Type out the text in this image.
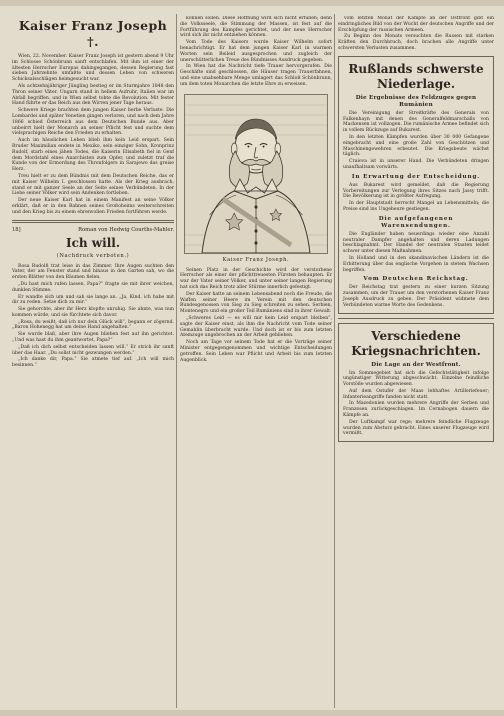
Kaiser Franz Joseph †.

Wien, 22. November. Kaiser Franz Joseph ist gestern abend 9 Uhr im Schlosse Schönbrunn sanft entschlafen. Mit ihm ist einer der ältesten Herrscher Europas dahingegangen, dessen Regierung fast sieben Jahrzehnte umfaßte und dessen Leben von schweren Schicksalsschlägen heimgesucht war.

Als achtzehnjähriger Jüngling bestieg er im Sturmjahre 1848 den Thron seiner Väter. Ungarn stand in hellem Aufruhr, Italien war im Abfall begriffen, und in Wien selbst tobte die Revolution. Mit fester Hand führte er das Reich aus den Wirren jener Tage heraus.

Schwere Kriege brachten dem jungen Kaiser herbe Verluste. Die Lombardei und später Venetien gingen verloren, und nach dem Jahre 1866 schied Österreich aus dem Deutschen Bunde aus. Aber unbeirrt hielt der Monarch an seiner Pflicht fest und suchte dem vielsprachigen Reiche den Frieden zu erhalten.

Auch im häuslichen Leben blieb ihm kein Leid erspart. Sein Bruder Maximilian endete in Mexiko, sein einziger Sohn, Kronprinz Rudolf, starb eines jähen Todes, die Kaiserin Elisabeth fiel in Genf dem Mordstahl eines Anarchisten zum Opfer, und zuletzt traf die Kunde von der Ermordung des Thronfolgers in Sarajewo das greise Herz.

Treu hielt er zu dem Bündnis mit dem Deutschen Reiche, das er mit Kaiser Wilhelm I. geschlossen hatte. Als der Krieg ausbrach, stand er mit ganzer Seele an der Seite seines Verbündeten. In der Liebe seiner Völker wird sein Andenken fortleben.

Der neue Kaiser Karl hat in einem Manifest an seine Völker erklärt, daß er in den Bahnen seines Großoheims weiterschreiten und den Krieg bis zu einem ehrenvollen Frieden fortführen werde.

18]	Roman von Hedwig Courths-Mahler.
Ich will.
(Nachdruck verboten.)

Rosa Rudolfi trat leise in das Zimmer. Ihre Augen suchten den Vater, der am Fenster stand und hinaus in den Garten sah, wo die ersten Blätter von den Bäumen fielen.

„Du hast mich rufen lassen, Papa?“ fragte sie mit ihrer weichen, dunklen Stimme.

Er wandte sich um und sah sie lange an. „Ja, Kind, ich habe mit dir zu reden. Setze dich zu mir.“

Sie gehorchte, aber ihr Herz klopfte unruhig. Sie ahnte, was nun kommen würde, und sie fürchtete sich davor.

„Rosa, du weißt, daß ich nur dein Glück will“, begann er zögernd. „Baron Hohenegg hat um deine Hand angehalten.“

Sie wurde blaß, aber ihre Augen blieben fest auf ihn gerichtet. „Und was hast du ihm geantwortet, Papa?“

„Daß ich dich selbst entscheiden lassen will.“ Er strich ihr sanft über das Haar. „Du sollst nicht gezwungen werden.“

„Ich danke dir, Papa.“ Sie atmete tief auf. „Ich will mich besinnen.“

können sollen. Diese Hoffnung wird sich nicht erfüllen; denn die Volksseele, die Stimmung der Massen, ist fest auf die Fortführung des Kampfes gerichtet, und der neue Herrscher wird sich ihr nicht entziehen können.

Vom Tode des Kaisers wurde Kaiser Wilhelm sofort benachrichtigt. Er hat dem jungen Kaiser Karl in warmen Worten sein Beileid ausgesprochen und zugleich der unerschütterlichen Treue des Bündnisses Ausdruck gegeben.

In Wien hat die Nachricht tiefe Trauer hervorgerufen. Die Geschäfte sind geschlossen, die Häuser tragen Trauerfahnen, und eine unabsehbare Menge umlagert das Schloß Schönbrunn, um dem toten Monarchen die letzte Ehre zu erweisen.

Kaiser Franz Joseph.

Seinen Platz in der Geschichte wird der verstorbene Herrscher als einer der pflichttreuesten Fürsten behaupten. Er war der Vater seiner Völker, und unter seiner langen Regierung hat sich das Reich trotz aller Stürme innerlich gefestigt.

Der Kaiser hatte an seinem Lebensabend noch die Freude, die Waffen seiner Heere im Verein mit den deutschen Bundesgenossen von Sieg zu Sieg schreiten zu sehen. Serbien, Montenegro und ein großer Teil Rumäniens sind in ihrer Gewalt.

„Schweres Leid — es will mir kein Leid erspart bleiben“, sagte der Kaiser einst, als ihm die Nachricht vom Tode seiner Gemahlin überbracht wurde. Und doch ist er bis zum letzten Atemzuge ungebrochen an der Arbeit geblieben.

Noch am Tage vor seinem Tode hat er die Vorträge seiner Minister entgegengenommen und wichtige Entscheidungen getroffen. Sein Leben war Pflicht und Arbeit bis zum letzten Augenblick.

vom letzten Monat der Kämpfe an der Ostfront gibt ein eindringliches Bild von der Wucht der deutschen Angriffe und der Erschöpfung der russischen Armeen.

Zu Beginn des Monats versuchten die Russen mit starken Kräften den Durchbruch, doch brachen alle Angriffe unter schwersten Verlusten zusammen.

Rußlands schwerste Niederlage.
Die Ergebnisse des Feldzuges gegen Rumänien

Die Vereinigung der Streitkräfte des Generals von Falkenhayn mit denen des Generalfeldmarschalls von Mackensen ist vollzogen. Die rumänische Armee befindet sich in vollem Rückzuge auf Bukarest.

In den letzten Kämpfen wurden über 30 000 Gefangene eingebracht und eine große Zahl von Geschützen und Maschinengewehren erbeutet. Die Kriegsbeute wächst täglich.

Craiova ist in unserer Hand. Die Verbündeten dringen unaufhaltsam vorwärts.

In Erwartung der Entscheidung.

Aus Bukarest wird gemeldet, daß die Regierung Vorbereitungen zur Verlegung ihres Sitzes nach Jassy trifft. Die Bevölkerung ist in größter Aufregung.

In der Hauptstadt herrscht Mangel an Lebensmitteln; die Preise sind ins Ungeheure gestiegen.

Die aufgefangenen Warensendungen.

Die Engländer haben neuerdings wieder eine Anzahl neutraler Dampfer angehalten und deren Ladungen beschlagnahmt. Der Handel der neutralen Staaten leidet schwer unter diesen Maßnahmen.

In Holland und in den skandinavischen Ländern ist die Erbitterung über das englische Vorgehen in stetem Wachsen begriffen.

Vom Deutschen Reichstag.

Der Reichstag trat gestern zu einer kurzen Sitzung zusammen, um der Trauer um den verstorbenen Kaiser Franz Joseph Ausdruck zu geben. Der Präsident widmete dem Verbündeten warme Worte des Gedenkens.

Verschiedene Kriegsnachrichten.
Die Lage an der Westfront.

Im Sommegebiet hat sich die Gefechtstätigkeit infolge ungünstiger Witterung abgeschwächt. Einzelne feindliche Vorstöße wurden abgewiesen.

Auf dem Ostufer der Maas lebhaftes Artilleriefeuer; Infanterieangriffe fanden nicht statt.

In Mazedonien wurden mehrere Angriffe der Serben und Franzosen zurückgeschlagen. Im Cernabogen dauern die Kämpfe an.

Der Luftkampf war rege; mehrere feindliche Flugzeuge wurden zum Absturz gebracht. Eines unserer Flugzeuge wird vermißt.
